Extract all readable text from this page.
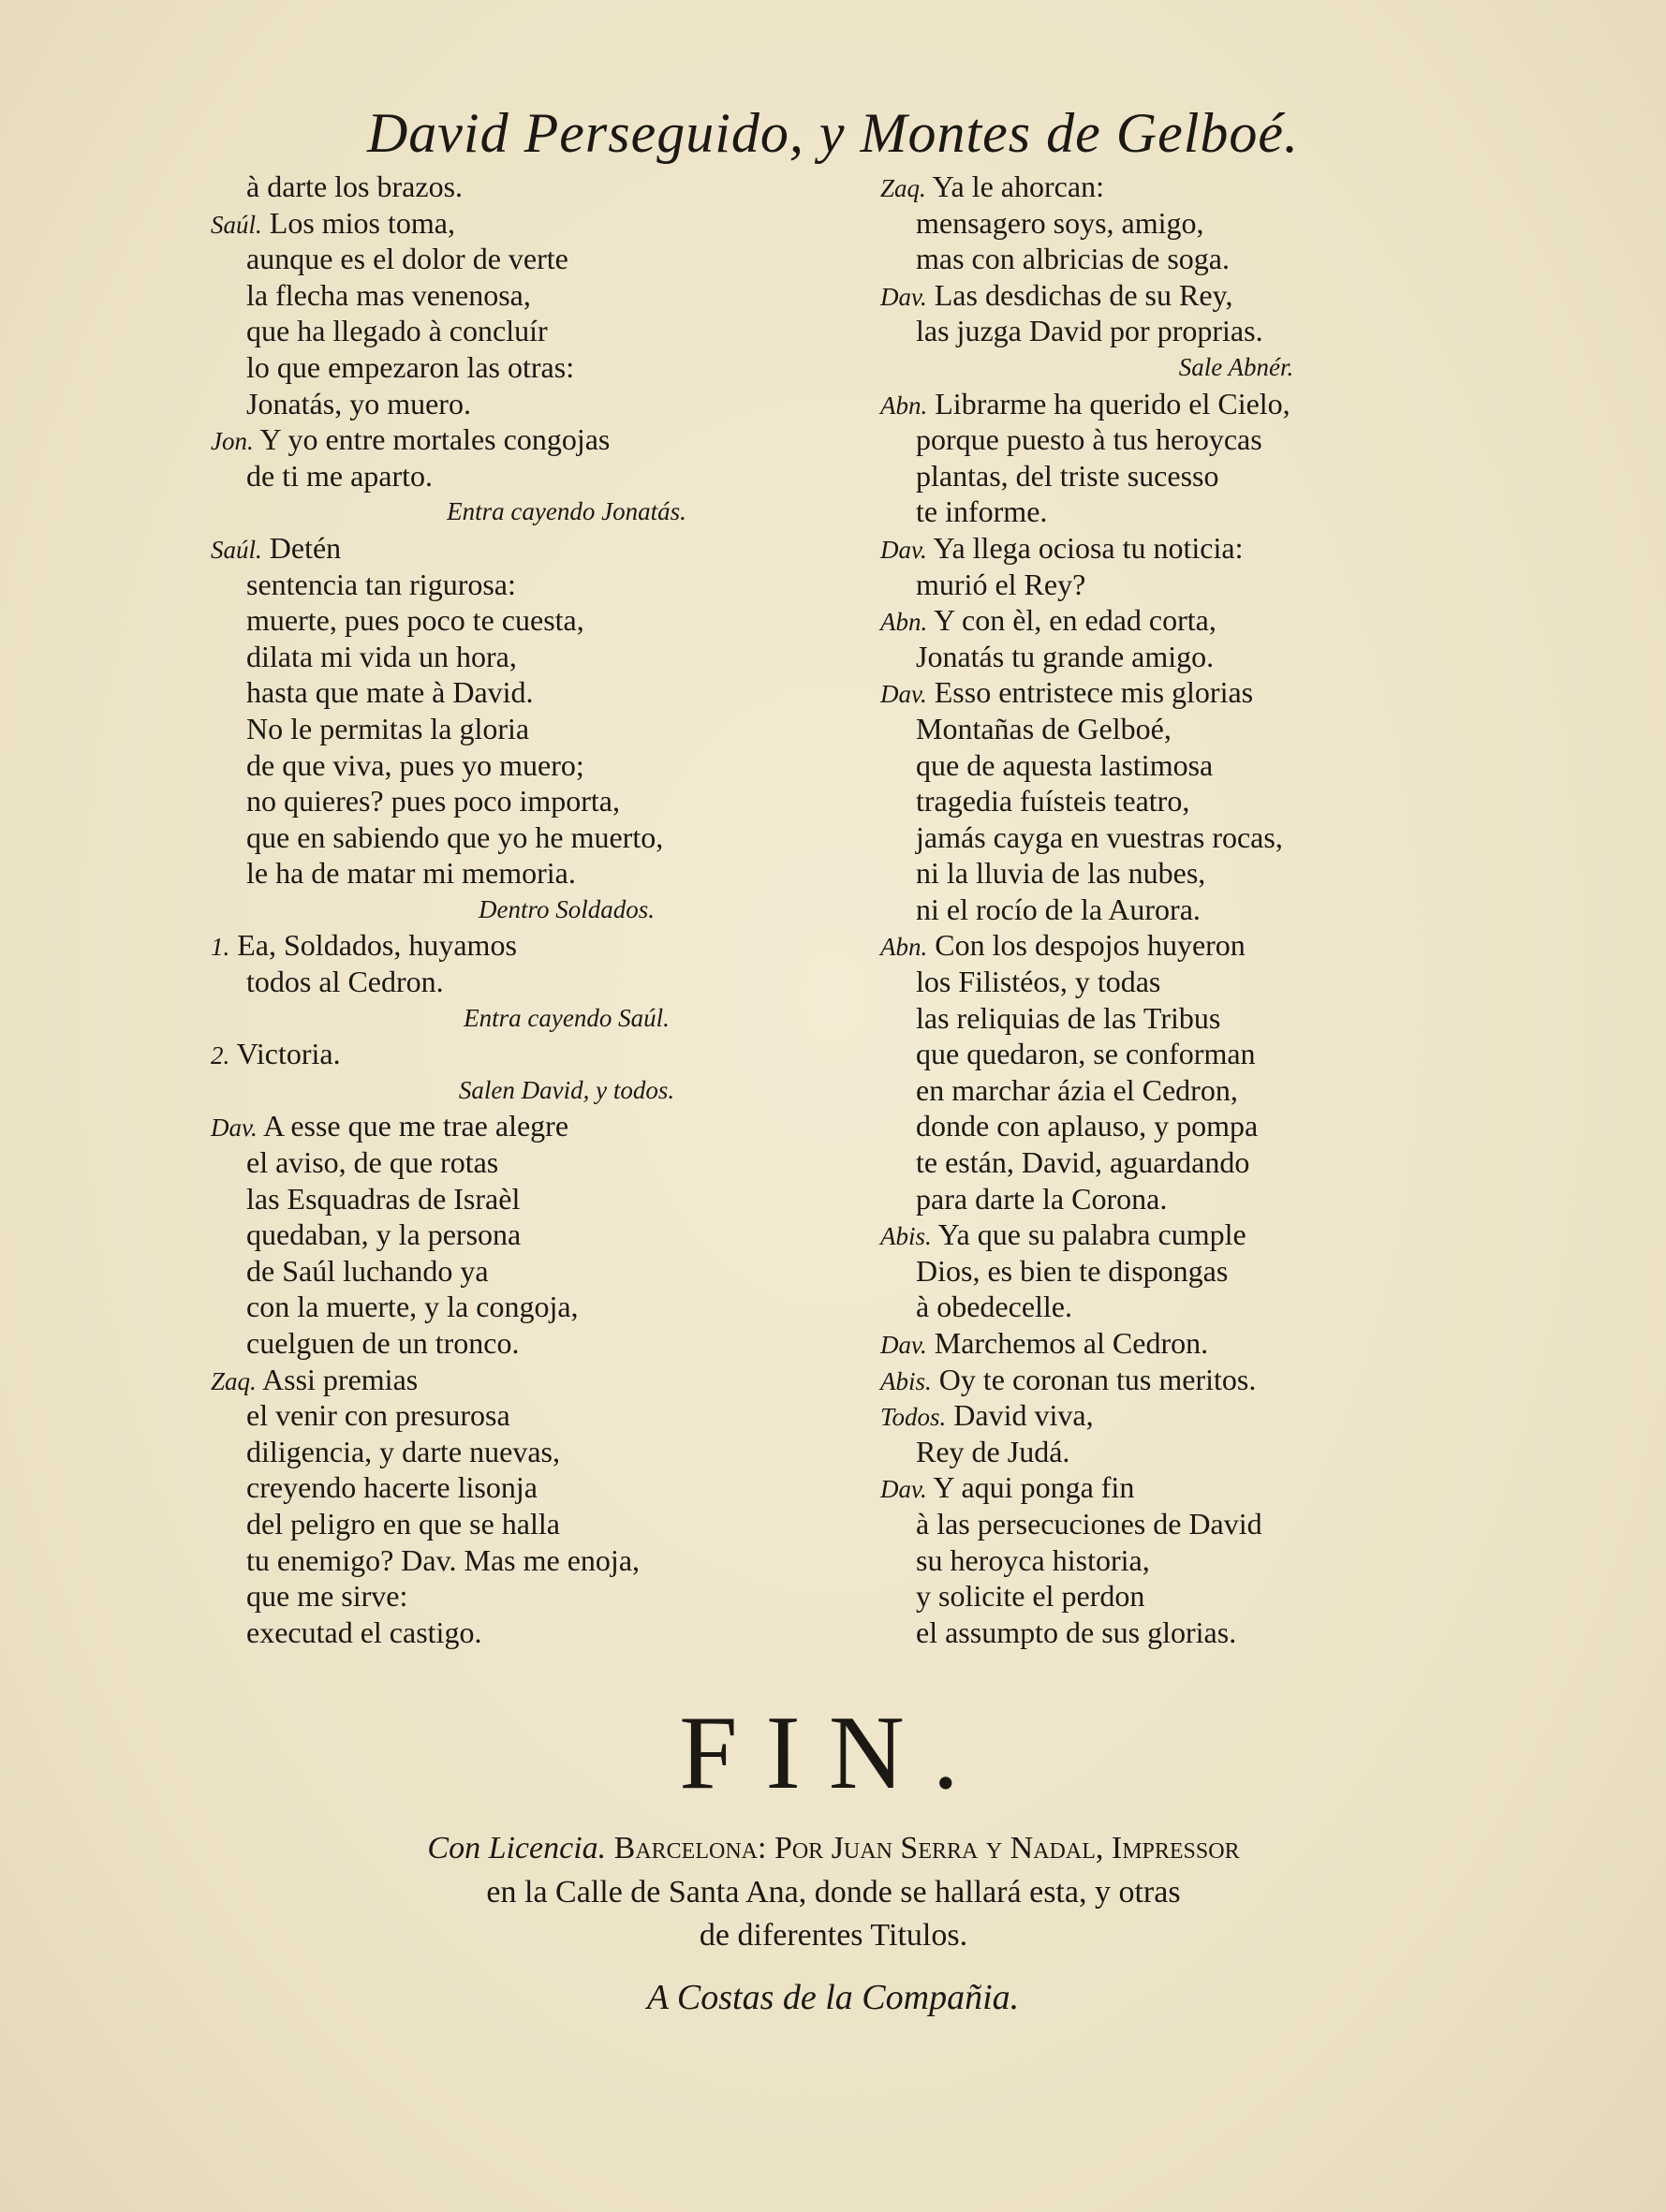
David Perseguido, y Montes de Gelboé.
à darte los brazos.
Saúl. Los mios toma,
aunque es el dolor de verte
la flecha mas venenosa,
que ha llegado à concluír
lo que empezaron las otras:
Jonatás, yo muero.
Jon. Y yo entre mortales congojas
de ti me aparto.
Entra cayendo Jonatás.
Saúl. Detén
sentencia tan rigurosa:
muerte, pues poco te cuesta,
dilata mi vida un hora,
hasta que mate à David.
No le permitas la gloria
de que viva, pues yo muero;
no quieres? pues poco importa,
que en sabiendo que yo he muerto,
le ha de matar mi memoria.
Dentro Soldados.
1. Ea, Soldados, huyamos
todos al Cedron.
Entra cayendo Saúl.
2. Victoria.
Salen David, y todos.
Dav. A esse que me trae alegre
el aviso, de que rotas
las Esquadras de Israèl
quedaban, y la persona
de Saúl luchando ya
con la muerte, y la congoja,
cuelguen de un tronco.
Zaq. Assi premias
el venir con presurosa
diligencia, y darte nuevas,
creyendo hacerte lisonja
del peligro en que se halla
tu enemigo? Dav. Mas me enoja,
que me sirve:
executad el castigo.
Zaq. Ya le ahorcan:
mensagero soys, amigo,
mas con albricias de soga.
Dav. Las desdichas de su Rey,
las juzga David por proprias.
Sale Abnér.
Abn. Librarme ha querido el Cielo,
porque puesto à tus heroycas
plantas, del triste sucesso
te informe.
Dav. Ya llega ociosa tu noticia:
murió el Rey?
Abn. Y con èl, en edad corta,
Jonatás tu grande amigo.
Dav. Esso entristece mis glorias
Montañas de Gelboé,
que de aquesta lastimosa
tragedia fuísteis teatro,
jamás cayga en vuestras rocas,
ni la lluvia de las nubes,
ni el rocío de la Aurora.
Abn. Con los despojos huyeron
los Filistéos, y todas
las reliquias de las Tribus
que quedaron, se conforman
en marchar ázia el Cedron,
donde con aplauso, y pompa
te están, David, aguardando
para darte la Corona.
Abis. Ya que su palabra cumple
Dios, es bien te dispongas
à obedecelle.
Dav. Marchemos al Cedron.
Abis. Oy te coronan tus meritos.
Todos. David viva,
Rey de Judá.
Dav. Y aqui ponga fin
à las persecuciones de David
su heroyca historia,
y solicite el perdon
el assumpto de sus glorias.
FIN.
Con Licencia. Barcelona: Por Juan Serra y Nadal, Impressor
en la Calle de Santa Ana, donde se hallará esta, y otras
de diferentes Titulos.
A Costas de la Compañia.
